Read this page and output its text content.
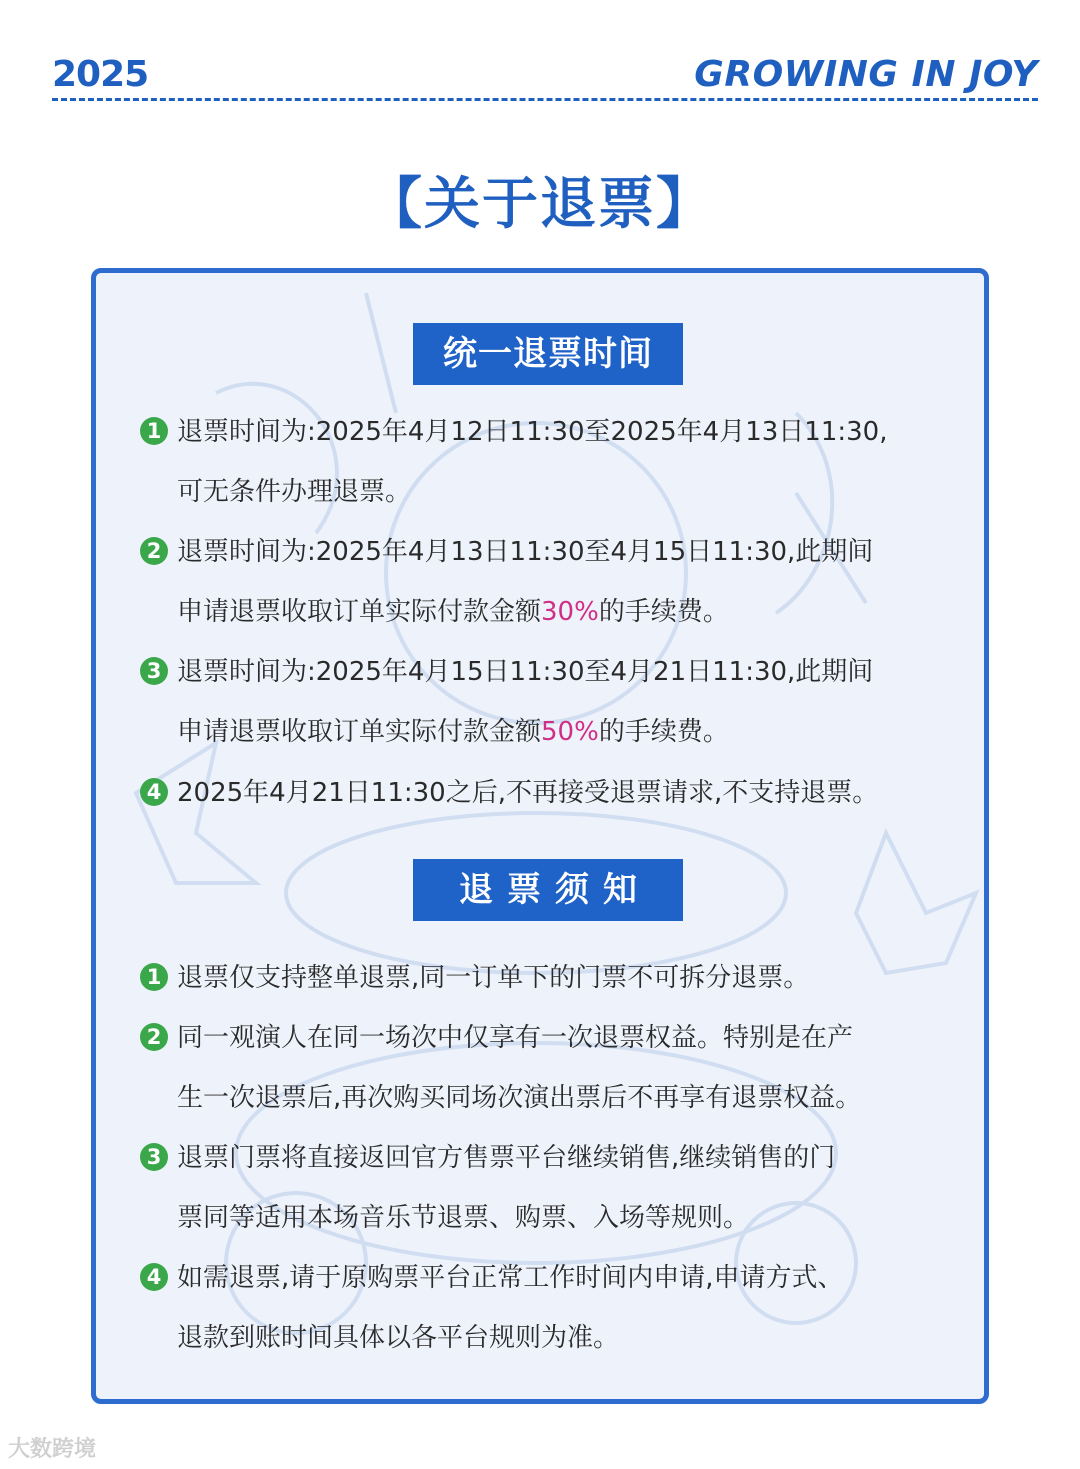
2025	GROWING IN JOY
【关于退票】
统一退票时间
1 退票时间为:2025年4月12日11:30至2025年4月13日11:30,
可无条件办理退票。
2 退票时间为:2025年4月13日11:30至4月15日11:30,此期间
申请退票收取订单实际付款金额30%的手续费。
3 退票时间为:2025年4月15日11:30至4月21日11:30,此期间
申请退票收取订单实际付款金额50%的手续费。
4 2025年4月21日11:30之后,不再接受退票请求,不支持退票。
退票须知
1 退票仅支持整单退票,同一订单下的门票不可拆分退票。
2 同一观演人在同一场次中仅享有一次退票权益。特别是在产
生一次退票后,再次购买同场次演出票后不再享有退票权益。
3 退票门票将直接返回官方售票平台继续销售,继续销售的门
票同等适用本场音乐节退票、购票、入场等规则。
4 如需退票,请于原购票平台正常工作时间内申请,申请方式、
退款到账时间具体以各平台规则为准。
大数跨境
